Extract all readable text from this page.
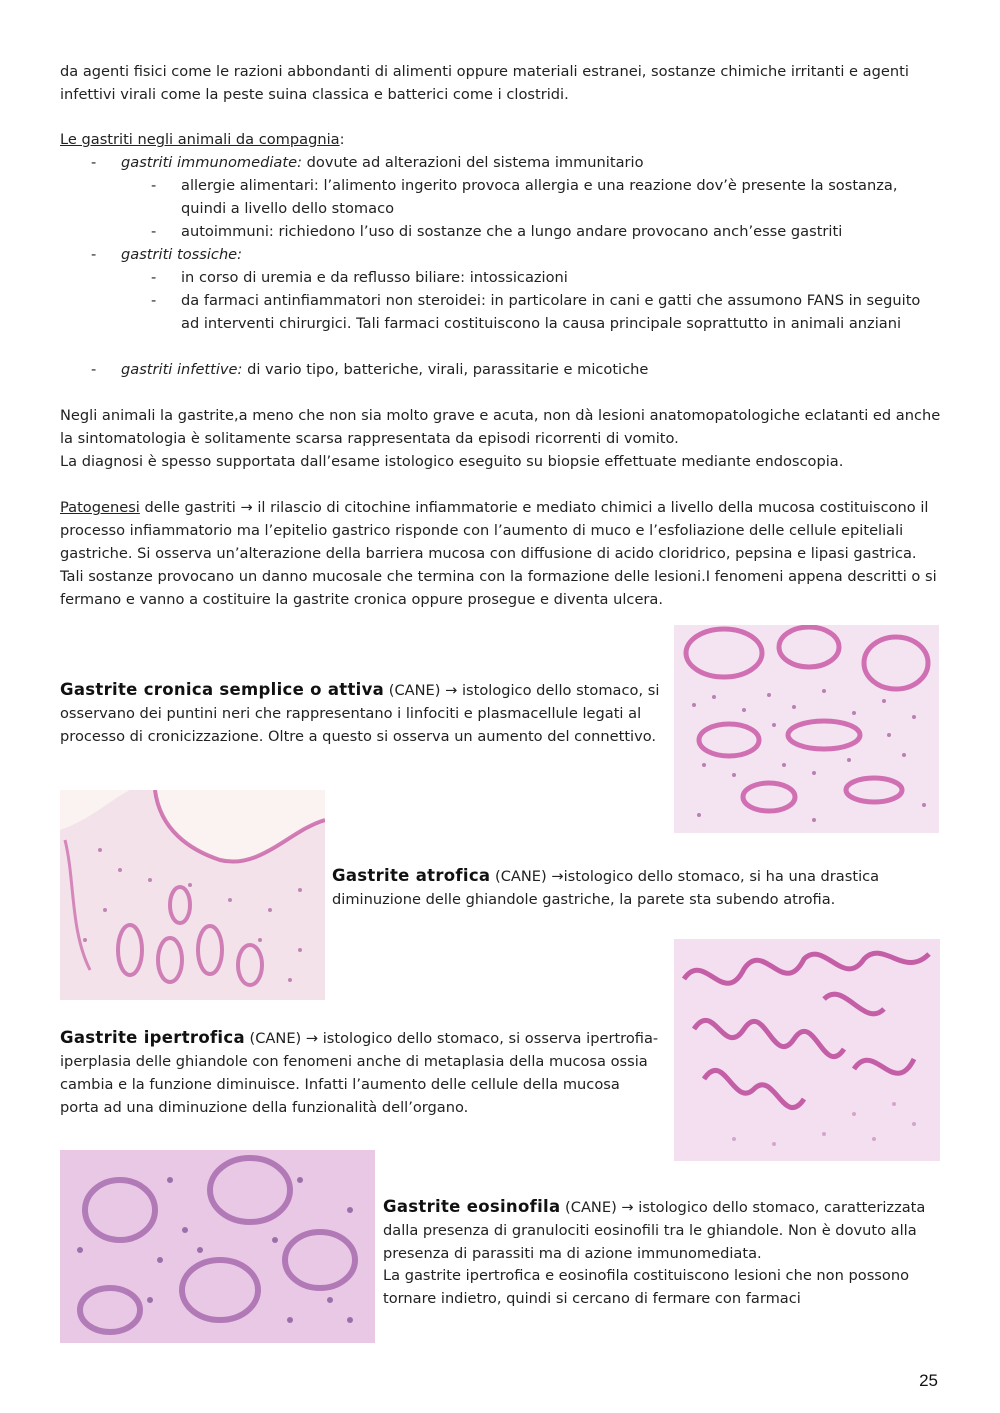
da agenti fisici come le razioni abbondanti di alimenti oppure materiali estranei, sostanze chimiche irritanti e agenti infettivi virali come la peste suina classica e batterici come i clostridi.

Le gastriti negli animali da compagnia:

- gastriti immunomediate: dovute ad alterazioni del sistema immunitario
- allergie alimentari: l’alimento ingerito provoca allergia e una reazione dov’è presente la sostanza, quindi a livello dello stomaco
- autoimmuni: richiedono l’uso di sostanze che a lungo andare provocano anch’esse gastriti
- gastriti tossiche:
- in corso di uremia e da reflusso biliare: intossicazioni
- da farmaci antinfiammatori non steroidei: in particolare in cani e gatti che assumono FANS in seguito ad interventi chirurgici. Tali farmaci costituiscono la causa principale soprattutto in animali anziani
- gastriti infettive: di vario tipo, batteriche, virali, parassitarie e micotiche

Negli animali la gastrite,a meno che non sia molto grave e acuta, non dà lesioni anatomopatologiche eclatanti ed anche la sintomatologia è solitamente scarsa rappresentata da episodi ricorrenti di vomito.

La diagnosi è spesso supportata dall’esame istologico eseguito su biopsie effettuate mediante endoscopia.

Patogenesi delle gastriti → il rilascio di citochine infiammatorie e mediato chimici a livello della mucosa costituiscono il processo infiammatorio ma l’epitelio gastrico risponde con l’aumento di muco e l’esfoliazione delle cellule epiteliali gastriche. Si osserva un’alterazione della barriera mucosa con diffusione di acido cloridrico, pepsina e lipasi gastrica. Tali sostanze provocano un danno mucosale che termina con la formazione delle lesioni.I fenomeni appena descritti o si fermano e vanno a costituire la gastrite cronica oppure prosegue e diventa ulcera.

Gastrite cronica semplice o attiva (CANE) → istologico dello stomaco, si osservano dei puntini neri che rappresentano i linfociti e plasmacellule legati al processo di cronicizzazione. Oltre a questo si osserva un aumento del connettivo.

Gastrite atrofica (CANE) →istologico dello stomaco, si ha una drastica diminuzione delle ghiandole gastriche, la parete sta subendo atrofia.

Gastrite ipertrofica (CANE) → istologico dello stomaco, si osserva ipertrofia-iperplasia delle ghiandole con fenomeni anche di metaplasia della mucosa ossia cambia e la funzione diminuisce. Infatti l’aumento delle cellule della mucosa porta ad una diminuzione della funzionalità dell’organo.

Gastrite eosinofila (CANE) → istologico dello stomaco, caratterizzata dalla presenza di granulociti eosinofili tra le ghiandole. Non è dovuto alla presenza di parassiti ma di azione immunomediata.

La gastrite ipertrofica e eosinofila costituiscono lesioni che non possono tornare indietro, quindi si cercano di fermare con farmaci

25
